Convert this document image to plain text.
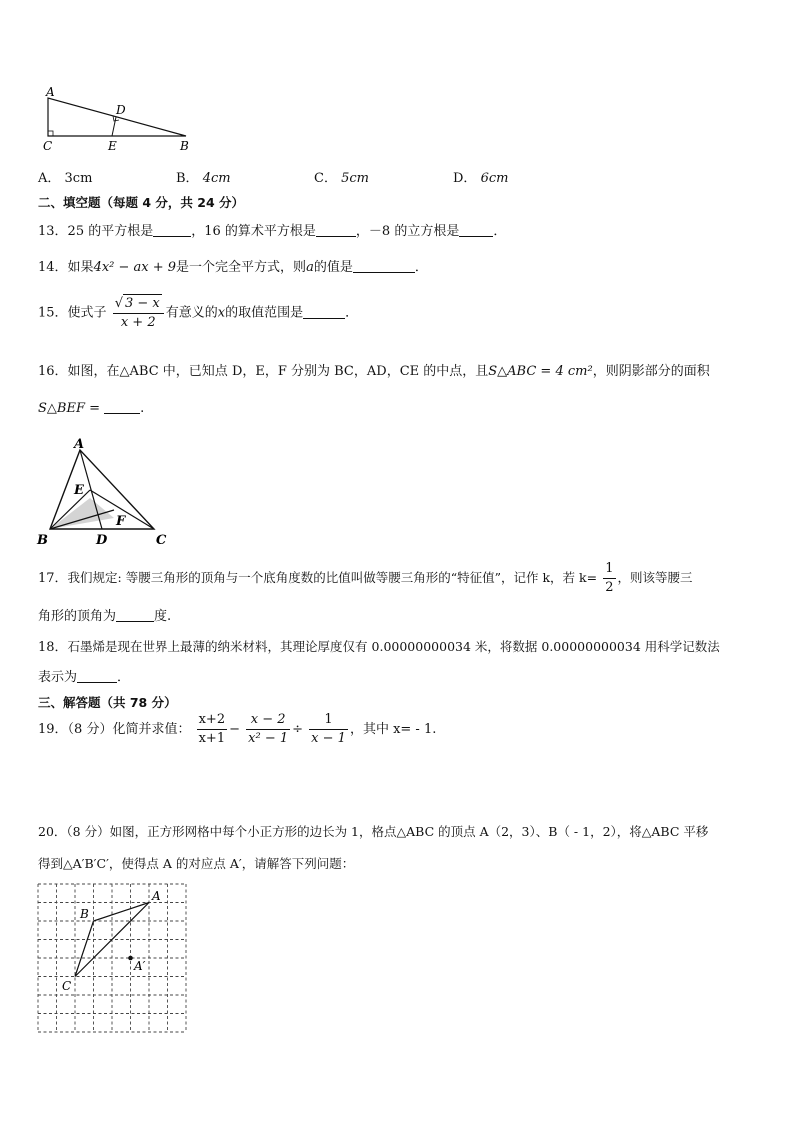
A
C
D
E	B
A． 3cm	B． 4cm	C． 5cm	D． 6cm
二、填空题（每题 4 分，共 24 分）
13．25 的平方根是	，16 的算术平方根是	，－8 的立方根是	．
14．如果4x² − ax + 9是一个完全平方式，则a的值是	．
15．使式子 $\frac{√ 3 - x}{x + 2}$ 有意义的x的取值范围是	．
16．如图，在△ABC 中，已知点 D，E，F 分别为 BC，AD，CE 的中点，且S△ABC = 4 cm²，则阴影部分的面积
S△BEF =	.
A
E
F
B	D	C
17．我们规定: 等腰三角形的顶角与一个底角度数的比值叫做等腰三角形的“特征值”，记作 k，若 $k= \frac{1}{2}$ ，则该等腰三
角形的顶角为	度.
18．石墨烯是现在世界上最薄的纳米材料，其理论厚度仅有 0.00000000034 米，将数据 0.00000000034 用科学记数法
表示为	．
三、解答题（共 78 分）
19．（8 分）化简并求值： $\frac{x+2}{x+1} - \frac{x - 2}{\text{x² − 1}} \div \frac{1}{x - 1}$ ，其中 x= - 1.
20．（8 分）如图，正方形网格中每个小正方形的边长为 1，格点△ABC 的顶点 A（2，3）、B（ - 1，2），将△ABC 平移
得到△A′B′C′，使得点 A 的对应点 A′，请解答下列问题：
A
B
A′
C
